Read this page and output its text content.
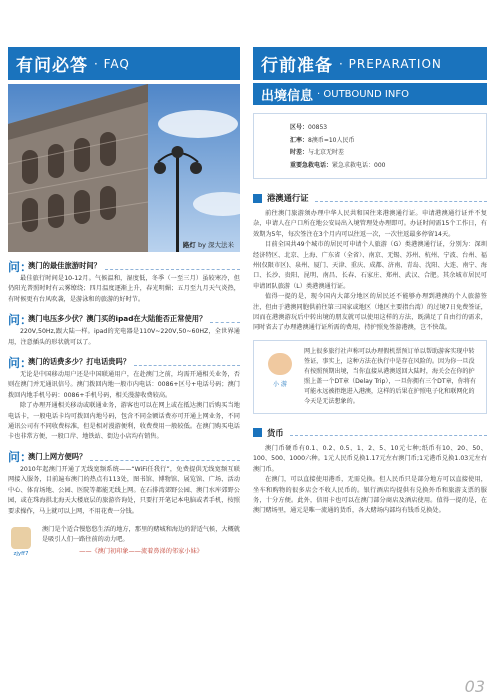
有问必答 · FAQ
路灯 by 深大法米
问：
澳门的最佳旅游时间？
最佳旅行时间是10-12月。气候温和，湿度低，冬季（一至三月）虽较寒冷，但仍阳光普照时时有云雾缭绕；四月温度逐渐上升，春光明媚；五月至九月天气炎热，有时候更有台风吹袭，是游泳和的旅游的好时节。
问：
澳门电压多少伏？澳门买的ipad在大陆能否正常使用？
220V,50Hz,跟大陆一样。ipad的充电器是110V~220V,50~60HZ，全世界通用，注意插头的形状就可以了。
问：
澳门的话费多少？打电话贵吗？
无论是中国移动用户还是中国联通用户，在赴澳门之前，均需开通相关业务，否则在澳门并无通讯信号。澳门拨回内地一般市内电话：0086+区号+电话号码；澳门拨回内地手机号码：0086+手机号码，相关漫游收费较高。
除了办理开通相关移动或联通业务，游客也可以在网上或在抵达澳门后购买当地电话卡，一般电话卡均可拨回内地号码，包含不同金额话费亦可开通上网业务，不同通讯公司有不同收费标准，但是相对漫游便利，收费费用一般较低。在澳门购买电话卡也非常方便，一般口岸、地铁站、街边小店均有销售。
问：
澳门上网方便吗？
2010年起澳门开通了无线宽频系统——“WiFi任我行”，免费提供无线宽频互联网接入服务，目前遍布澳门的热点有113处，图书馆、博物馆、展览馆、广场、活动中心、体育场地、公园、医院等都能无线上网。在石排湾郊野公园、澳门水库郊野公园，或在珠海拱北海天大楼底层的旅游咨询处，只要打开笔记本电脑或者手机，按照要求操作，马上就可以上网，不用花费一分钱。
zjyff7
澳门是个适合慢悠悠生活的地方，那里的赌城和海边的舒适气候，大概就是吸引人们一路往前的动力吧。
——《澳门初印象——流着鼻涕的邻家小妹》
行前准备 · PREPARATION
出境信息 · OUTBOUND INFO
区号：00853
汇率：8澳币=10人民币
时差：与北京无时差
重要急救电话：紧急求救电话：000
港澳通行证
前往澳门旅游须办理中华人民共和国往来港澳通行证。申请港澳通行证并不复杂，申请人在户口所在地公安局出入境管理处办理即可。办证时间需15个工作日，有效期为5年，每次签注在3个月内可以往返一次，一次往返最多停留14天。
目前全国共49个城市的居民可申请个人旅游（G）类港澳通行证，分别为：深圳经济特区、北京、上海、广东省（全省）、南京、无锡、苏州、杭州、宁波、台州、福州(仅限市区)、泉州、厦门、天津、重庆、成都、济南、青岛、沈阳、大连、南宁、海口、长沙、贵阳、昆明、南昌、长春、石家庄、郑州、武汉、合肥。其余城市居民可申请团队旅游（L）类港澳通行证。
值得一提的是，现今国内大部分地区的居民还不能够办理到港澳的个人旅游签注，但由于港澳同胞供前往第三国家或地区（地区主要指台湾）的过境7日免费签证，因而在港澳游玩后中转出境的朋友就可以使用这样的方法，既满足了自由行的需求，同时省去了办理港澳通行证所需的费用，持护照免签游港澳，岂不快哉。
小 游
网上很多旅行社声称可以办理假机票预订单以帮助游客实现中转签证，事实上，这种方法在执行中是存在风险的。因为你一旦没有按照预期出境，当你直接从港澳返回大陆时，海关会在你的护照上盖一个DT章（Delay Trip），一旦你拥有三个DT章，你将有可能永远被拒绝进入港澳，这样的后果在护照电子化和联网化的今天是无法想象的。
货币
澳门币硬币有0.1、0.2、0.5、1、2、5、10元七种;纸币有10、20、50、100、500、1000六种。1元人民币兑换1.17元左右澳门币;1元港币兑换1.03元左右澳门币。
在澳门，可以直接使用港币，无需兑换。但人民币只是部分地方可以直接使用，坐车和购物的很多店会不收人民币的。银行酒店均提供有兑换外币和旅游支票的服务，十分方便。此外，信用卡也可以在澳门部分商店及酒店使用。值得一提的是，在澳门赌场里，通元是唯一流通的货币，各大赌场内部均有钱币兑换处。
03
